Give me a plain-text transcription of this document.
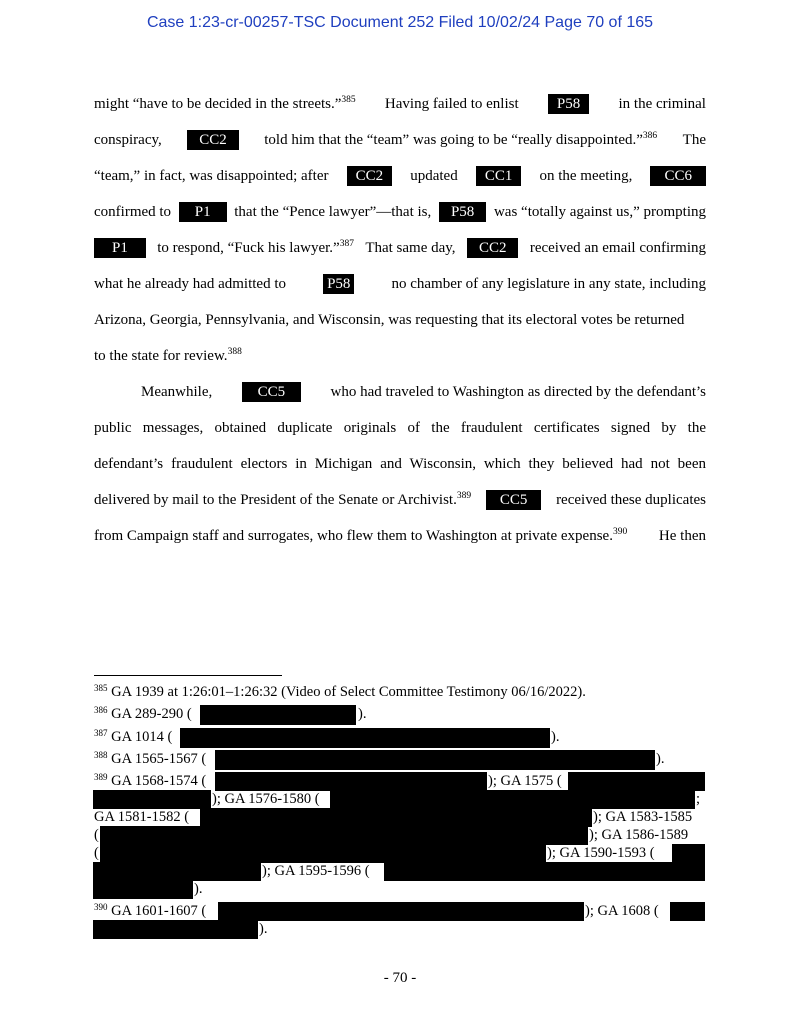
Case 1:23-cr-00257-TSC Document 252 Filed 10/02/24 Page 70 of 165
might “have to be decided in the streets.”$^{385}$ Having failed to enlist	P58	in the criminal
conspiracy,	CC2	told him that the “team” was going to be “really disappointed.”$^{386}$ The
“team,” in fact, was disappointed; after	CC2	updated	CC1	on the meeting,	CC6
confirmed to	P1	that the “Pence lawyer”—that is,	P58	was “totally against us,” prompting
P1	to respond, “Fuck his lawyer.”$^{387}$ That same day,	CC2	received an email confirming
what he already had admitted to	P58	no chamber of any legislature in any state, including
Arizona, Georgia, Pennsylvania, and Wisconsin, was requesting that its electoral votes be returned
to the state for review.$^{388}$
Meanwhile,	CC5	who had traveled to Washington as directed by the defendant’s
public messages, obtained duplicate originals of the fraudulent certificates signed by the
defendant’s fraudulent electors in Michigan and Wisconsin, which they believed had not been
delivered by mail to the President of the Senate or Archivist.$^{389}$	CC5	received these duplicates
from Campaign staff and surrogates, who flew them to Washington at private expense.$^{390}$ He then
$^{385}$ GA 1939 at 1:26:01–1:26:32 (Video of Select Committee Testimony 06/16/2022).
$^{386}$ GA 289-290 (	).
$^{387}$ GA 1014 (	).
$^{388}$ GA 1565-1567 (	).
$^{389}$ GA 1568-1574 (	); GA 1575 (
); GA 1576-1580 (	;
GA 1581-1582 (	); GA 1583-1585
(	); GA 1586-1589
(	); GA 1590-1593 (
); GA 1595-1596 (
).
$^{390}$ GA 1601-1607 (	); GA 1608 (
).
- 70 -
